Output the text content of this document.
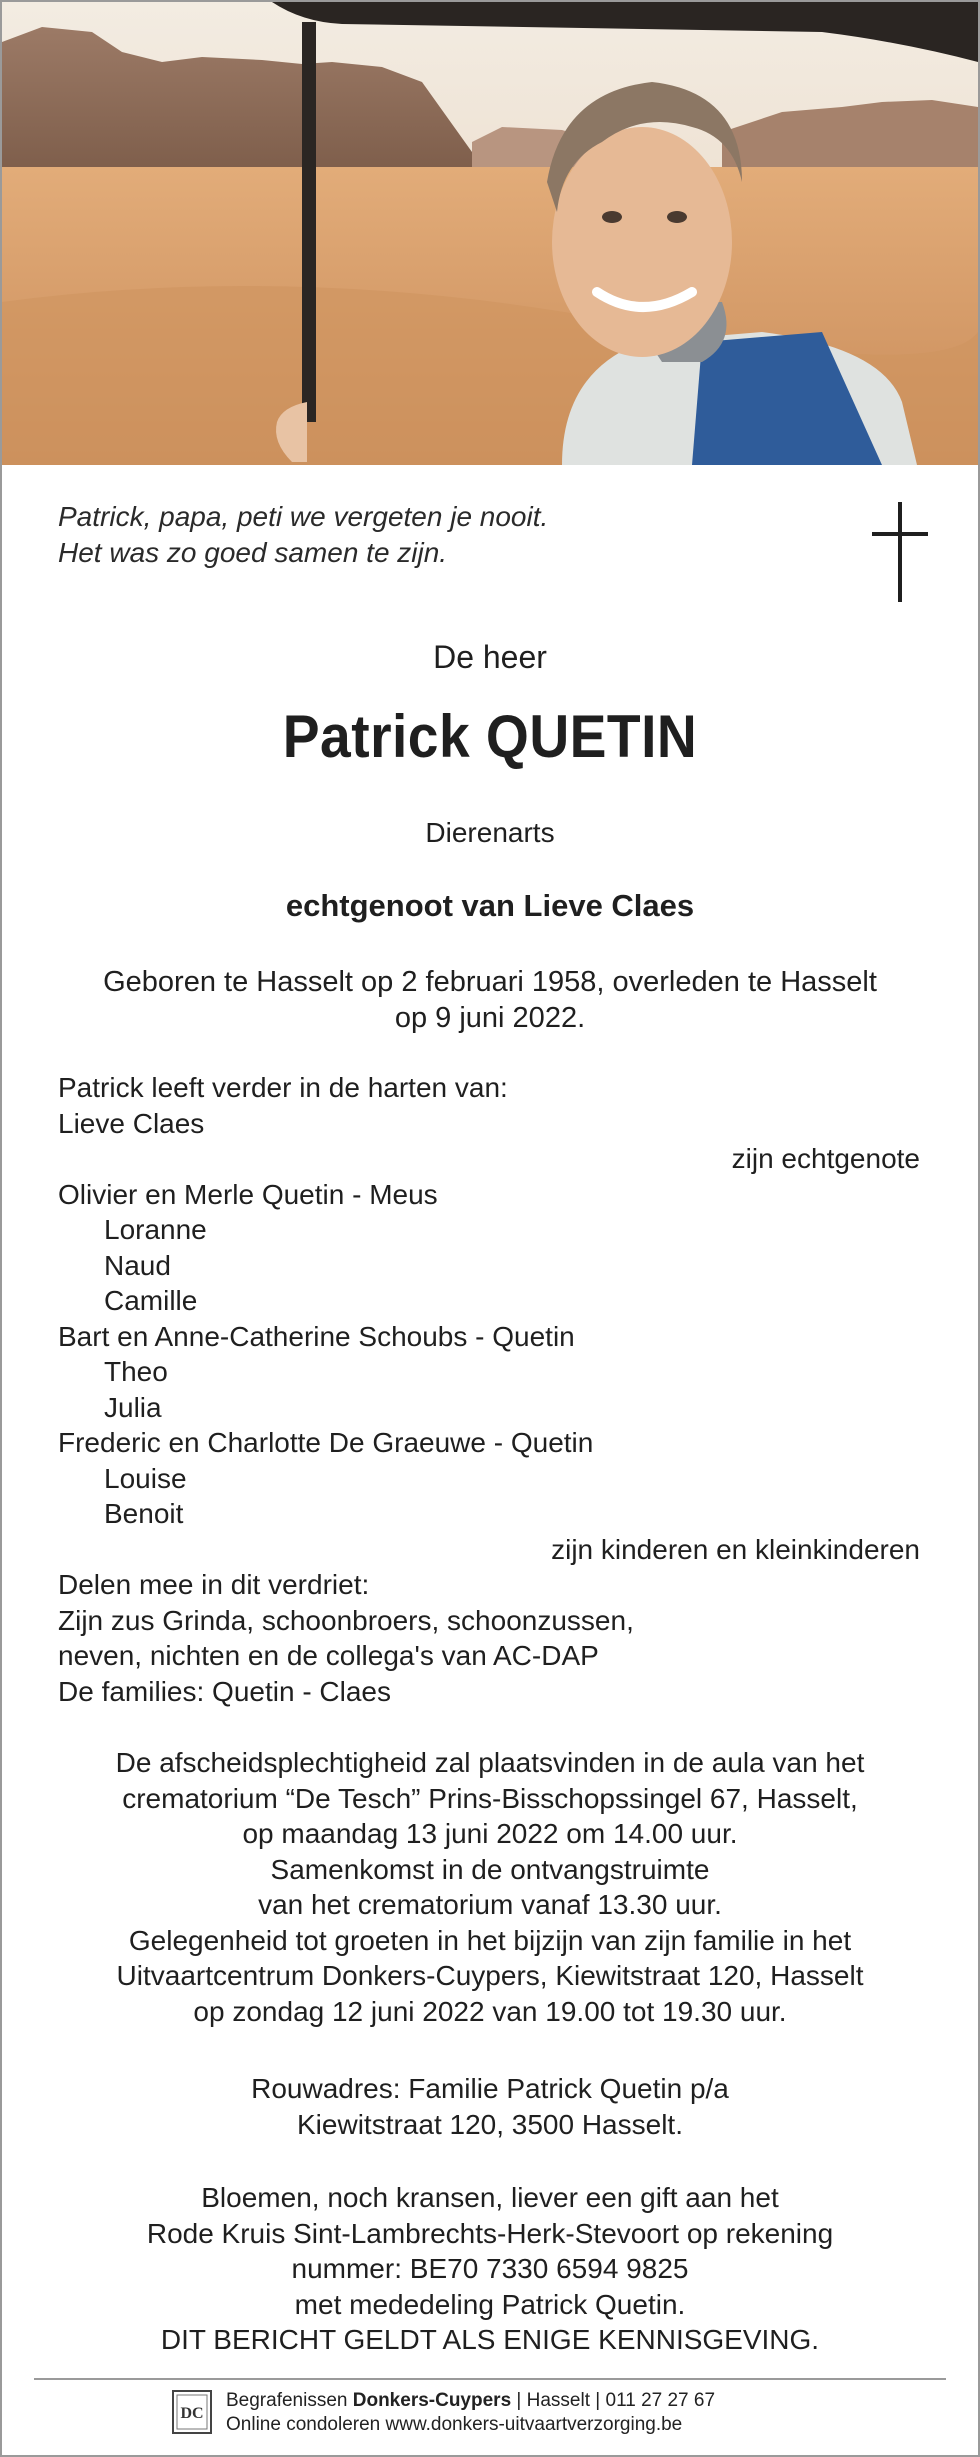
Patrick, papa, peti we vergeten je nooit.
Het was zo goed samen te zijn.
De heer
Patrick QUETIN
Dierenarts
echtgenoot van Lieve Claes
Geboren te Hasselt op 2 februari 1958, overleden te Hasselt
op 9 juni 2022.
Patrick leeft verder in de harten van:
Lieve Claes
zijn echtgenote
Olivier en Merle Quetin - Meus
Loranne
Naud
Camille
Bart en Anne-Catherine Schoubs - Quetin
Theo
Julia
Frederic en Charlotte De Graeuwe - Quetin
Louise
Benoit
zijn kinderen en kleinkinderen
Delen mee in dit verdriet:
Zijn zus Grinda, schoonbroers, schoonzussen,
neven, nichten en de collega's van AC-DAP
De families: Quetin - Claes
De afscheidsplechtigheid zal plaatsvinden in de aula van het
crematorium “De Tesch” Prins-Bisschopssingel 67, Hasselt,
op maandag 13 juni 2022 om 14.00 uur.
Samenkomst in de ontvangstruimte
van het crematorium vanaf 13.30 uur.
Gelegenheid tot groeten in het bijzijn van zijn familie in het
Uitvaartcentrum Donkers-Cuypers, Kiewitstraat 120, Hasselt
op zondag 12 juni 2022 van 19.00 tot 19.30 uur.
Rouwadres: Familie Patrick Quetin p/a
Kiewitstraat 120, 3500 Hasselt.
Bloemen, noch kransen, liever een gift aan het
Rode Kruis Sint-Lambrechts-Herk-Stevoort op rekening
nummer: BE70 7330 6594 9825
met mededeling Patrick Quetin.
DIT BERICHT GELDT ALS ENIGE KENNISGEVING.
DC
Begrafenissen Donkers-Cuypers | Hasselt | 011 27 27 67
Online condoleren www.donkers-uitvaartverzorging.be
